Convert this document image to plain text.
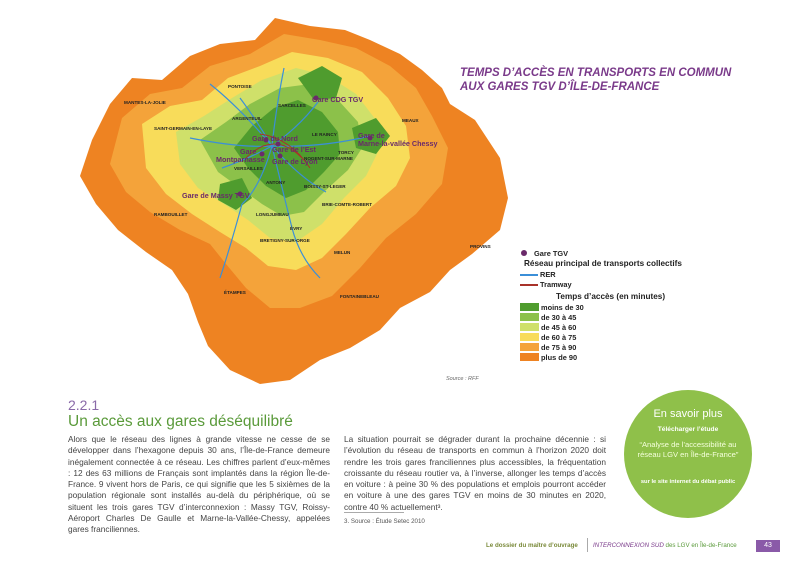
PONTOISE
MANTES-LA-JOLIE
SARCELLES
ARGENTEUIL
SAINT-GERMAIN-EN-LAYE
LE RAINCY
MEAUX
TORCY
NOGENT-SUR-MARNE
VERSAILLES
BOISSY-ST-LEGER
ANTONY
BRIE-COMTE-ROBERT
RAMBOUILLET	LONGJUMEAU
ÉVRY
BRETIGNY-SUR-ORGE
MELUN
PROVINS
ÉTAMPES
FONTAINEBLEAU
Gare CDG TGV
Gare du Nord
Gare de l’Est
Gare de
Marne-la-vallée Chessy
Gare
Montparnasse Gare de Lyon
Gare de Massy TGV
Source : RFF
TEMPS D’ACCÈS EN TRANSPORTS EN COMMUN
AUX GARES TGV D’ÎLE-DE-FRANCE
Gare TGV
Réseau principal de transports collectifs
RER
Tramway
Temps d’accès (en minutes)
moins de 30
de 30 à 45
de 45 à 60
de 60 à 75
de 75 à 90
plus de 90
2.2.1
Un accès aux gares déséquilibré
Alors que le réseau des lignes à grande vitesse ne cesse de se développer dans l’hexagone depuis 30 ans, l’Île-de-France demeure inégalement connectée à ce réseau. Les chiffres parlent d’eux-mêmes : 12 des 63 millions de Français sont implantés dans la région Île-de-France. 9 vivent hors de Paris, ce qui signifie que les 5 sixièmes de la population régionale sont installés au-delà du périphérique, où se situent les trois gares TGV d’interconnexion : Massy TGV, Roissy-Aéroport Charles De Gaulle et Marne-la-Vallée-Chessy, appelées gares franciliennes.
La situation pourrait se dégrader durant la prochaine décennie : si l’évolution du réseau de transports en commun à l’horizon 2020 doit rendre les trois gares franciliennes plus accessibles, la fréquentation croissante du réseau routier va, à l’inverse, allonger les temps d’accès en voiture : à peine 30 % des populations et emplois pourront accéder en voiture à une des gares TGV en moins de 30 minutes en 2020, contre 40 % actuellement³.
3. Source : Étude Setec 2010
En savoir plus
Télécharger l’étude
“Analyse de l’accessibilité au réseau LGV en Île-de-France”
sur le site internet du débat public
Le dossier du maître d’ouvrage INTERCONNEXION SUD des LGV en Île-de-France	43
